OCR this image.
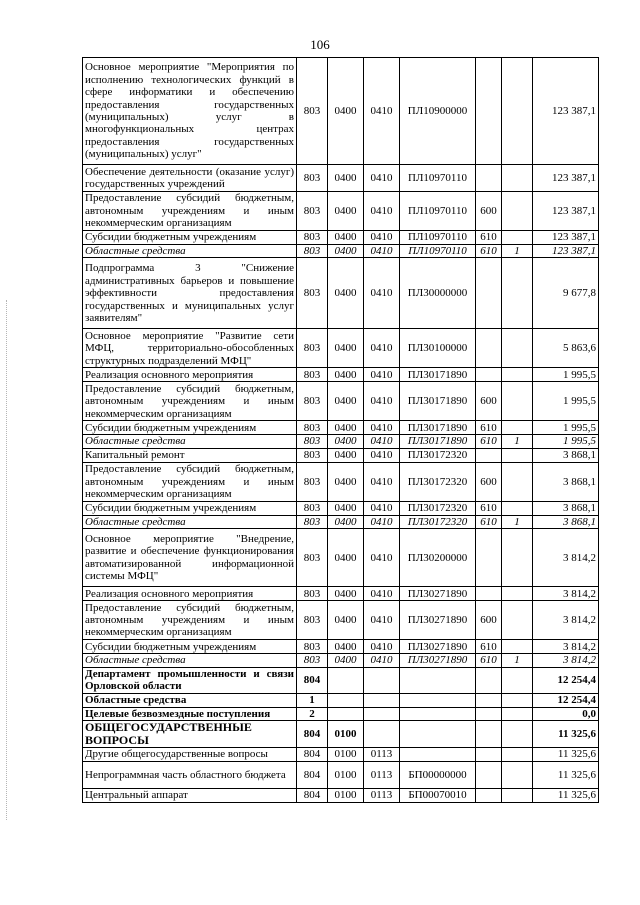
106
Основное мероприятие "Мероприятия по исполнению технологических функций в сфере информатики и обеспечению предоставления государственных (муниципальных) услуг в многофункциональных центрах предоставления государственных (муниципальных) услуг"	803	0400	0410	ПЛ10900000			123 387,1
Обеспечение деятельности (оказание услуг) государственных учреждений	803	0400	0410	ПЛ10970110			123 387,1
Предоставление субсидий бюджетным, автономным учреждениям и иным некоммерческим организациям	803	0400	0410	ПЛ10970110	600		123 387,1
Субсидии бюджетным учреждениям	803	0400	0410	ПЛ10970110	610		123 387,1
Областные средства	803	0400	0410	ПЛ10970110	610	1	123 387,1
Подпрограмма 3 "Снижение административных барьеров и повышение эффективности предоставления государственных и муниципальных услуг заявителям"	803	0400	0410	ПЛ30000000			9 677,8
Основное мероприятие "Развитие сети МФЦ, территориально-обособленных структурных подразделений МФЦ"	803	0400	0410	ПЛ30100000			5 863,6
Реализация основного мероприятия	803	0400	0410	ПЛ30171890			1 995,5
Предоставление субсидий бюджетным, автономным учреждениям и иным некоммерческим организациям	803	0400	0410	ПЛ30171890	600		1 995,5
Субсидии бюджетным учреждениям	803	0400	0410	ПЛ30171890	610		1 995,5
Областные средства	803	0400	0410	ПЛ30171890	610	1	1 995,5
Капитальный ремонт	803	0400	0410	ПЛ30172320			3 868,1
Предоставление субсидий бюджетным, автономным учреждениям и иным некоммерческим организациям	803	0400	0410	ПЛ30172320	600		3 868,1
Субсидии бюджетным учреждениям	803	0400	0410	ПЛ30172320	610		3 868,1
Областные средства	803	0400	0410	ПЛ30172320	610	1	3 868,1
Основное мероприятие "Внедрение, развитие и обеспечение функционирования автоматизированной информационной системы МФЦ"	803	0400	0410	ПЛ30200000			3 814,2
Реализация основного мероприятия	803	0400	0410	ПЛ30271890			3 814,2
Предоставление субсидий бюджетным, автономным учреждениям и иным некоммерческим организациям	803	0400	0410	ПЛ30271890	600		3 814,2
Субсидии бюджетным учреждениям	803	0400	0410	ПЛ30271890	610		3 814,2
Областные средства	803	0400	0410	ПЛ30271890	610	1	3 814,2
Департамент промышленности и связи Орловской области	804						12 254,4
Областные средства	1						12 254,4
Целевые безвозмездные поступления	2						0,0
ОБЩЕГОСУДАРСТВЕННЫЕ ВОПРОСЫ	804	0100					11 325,6
Другие общегосударственные вопросы	804	0100	0113				11 325,6
Непрограммная часть областного бюджета	804	0100	0113	БП00000000			11 325,6
Центральный аппарат	804	0100	0113	БП00070010			11 325,6
